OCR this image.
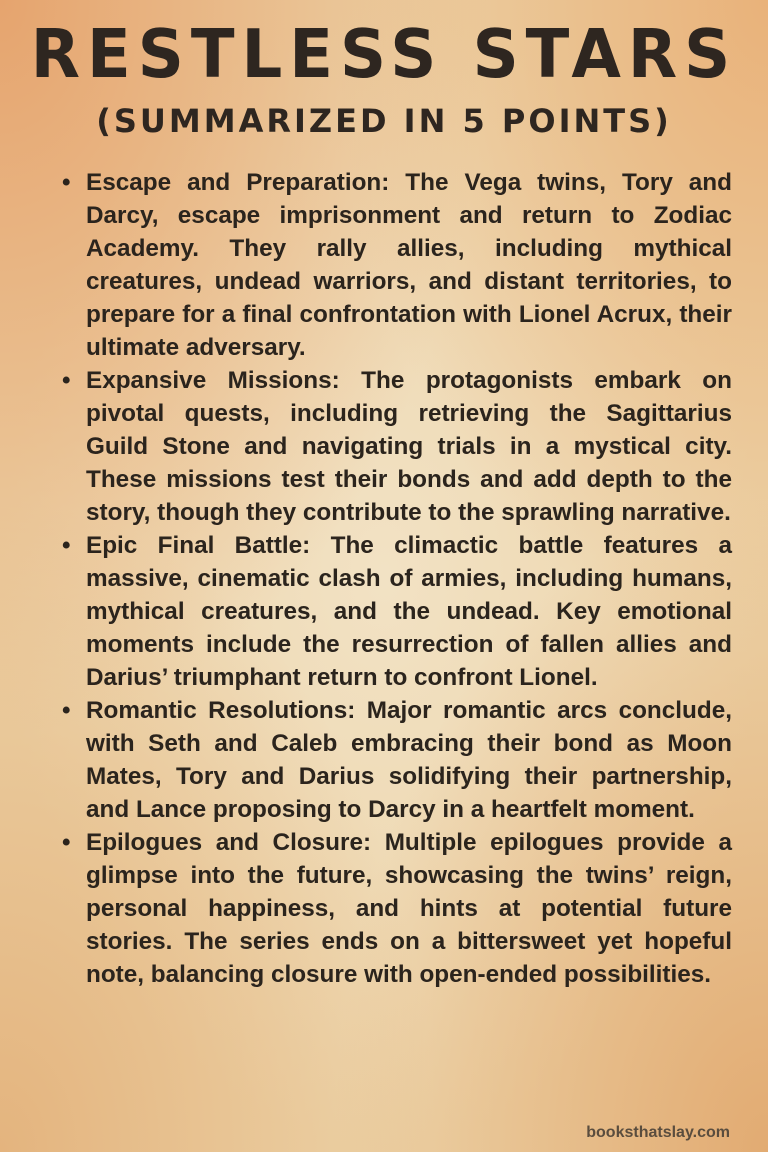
RESTLESS STARS
(SUMMARIZED IN 5 POINTS)
• Escape and Preparation: The Vega twins, Tory and Darcy, escape imprisonment and return to Zodiac Academy. They rally allies, including mythical creatures, undead warriors, and distant territories, to prepare for a final confrontation with Lionel Acrux, their ultimate adversary.
• Expansive Missions: The protagonists embark on pivotal quests, including retrieving the Sagittarius Guild Stone and navigating trials in a mystical city. These missions test their bonds and add depth to the story, though they contribute to the sprawling narrative.
• Epic Final Battle: The climactic battle features a massive, cinematic clash of armies, including humans, mythical creatures, and the undead. Key emotional moments include the resurrection of fallen allies and Darius’ triumphant return to confront Lionel.
• Romantic Resolutions: Major romantic arcs conclude, with Seth and Caleb embracing their bond as Moon Mates, Tory and Darius solidifying their partnership, and Lance proposing to Darcy in a heartfelt moment.
• Epilogues and Closure: Multiple epilogues provide a glimpse into the future, showcasing the twins’ reign, personal happiness, and hints at potential future stories. The series ends on a bittersweet yet hopeful note, balancing closure with open-ended possibilities.
booksthatslay.com
